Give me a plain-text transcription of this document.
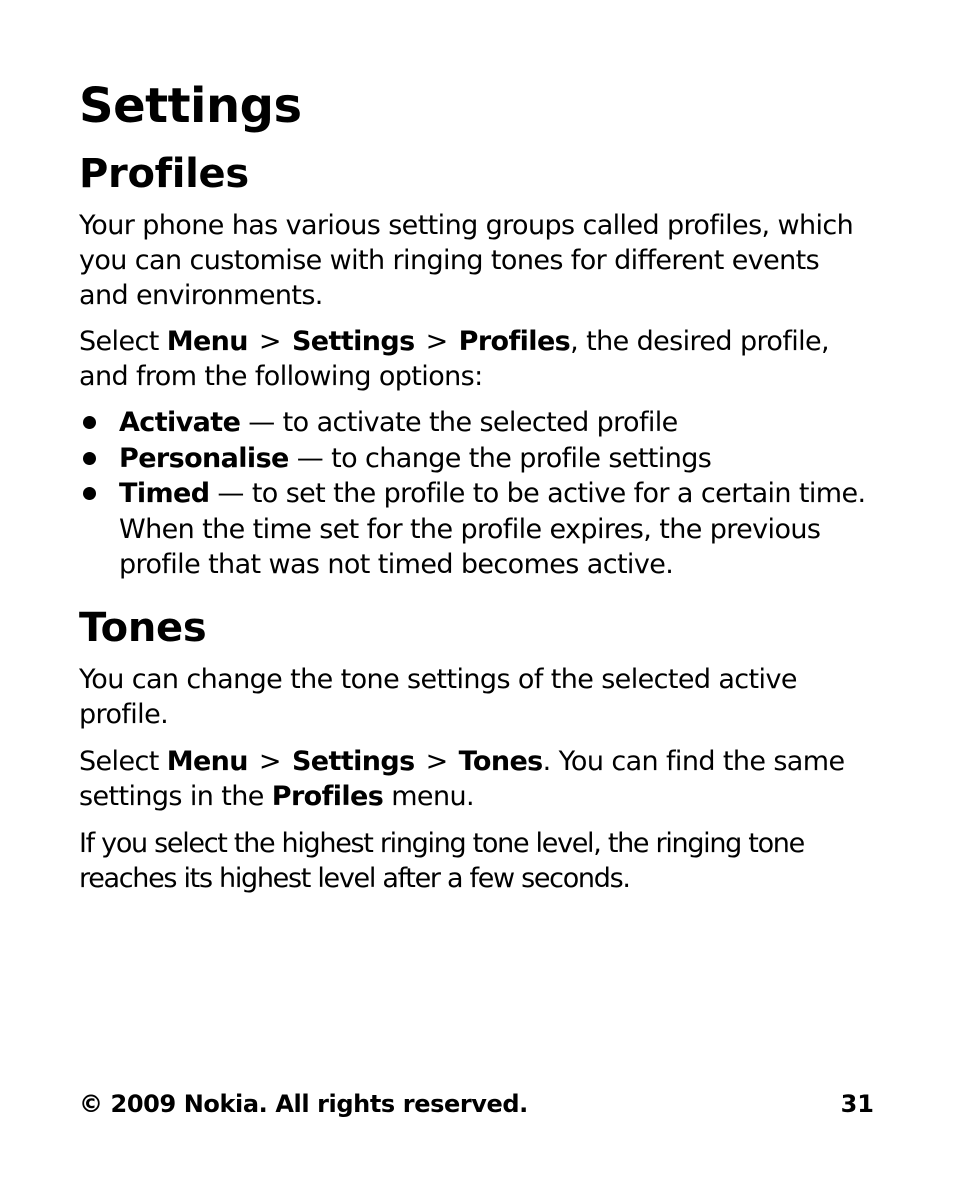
Settings
Profiles

Your phone has various setting groups called profiles, which you can customise with ringing tones for different events and environments.

Select Menu > Settings > Profiles, the desired profile, and from the following options:

Activate — to activate the selected profile
Personalise — to change the profile settings
Timed — to set the profile to be active for a certain time. When the time set for the profile expires, the previous profile that was not timed becomes active.
Tones

You can change the tone settings of the selected active profile.

Select Menu > Settings > Tones. You can find the same settings in the Profiles menu.

If you select the highest ringing tone level, the ringing tone reaches its highest level after a few seconds.

© 2009 Nokia. All rights reserved.	31
